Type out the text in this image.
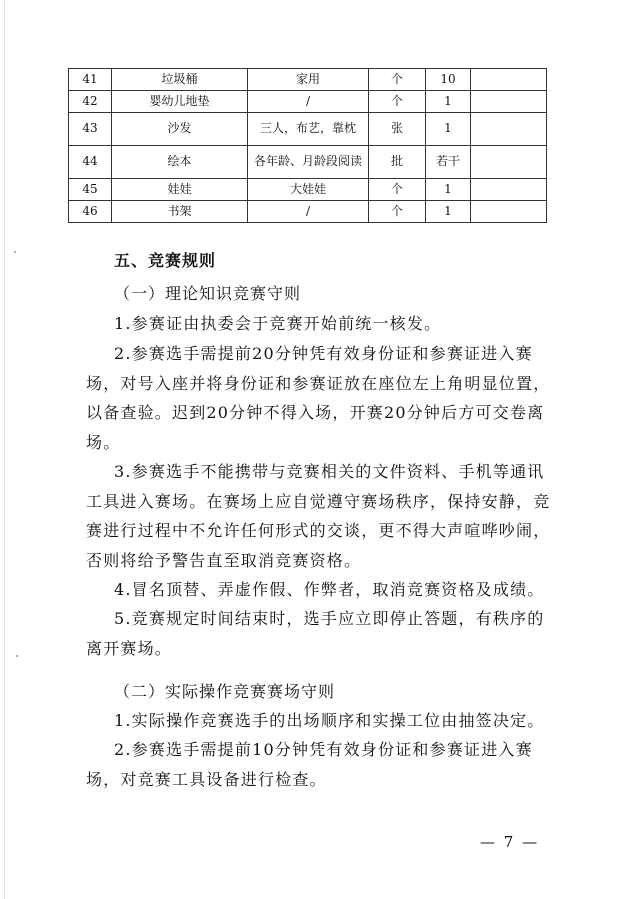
41	垃圾桶	家用	个	10	
42	婴幼儿地垫	/	个	1	
43	沙发	三人，布艺，靠枕	张	1	
44	绘本	各年龄、月龄段阅读	批	若干	
45	娃娃	大娃娃	个	1	
46	书架	/	个	1	
五、竞赛规则
（一）理论知识竞赛守则
1.参赛证由执委会于竞赛开始前统一核发。
2.参赛选手需提前20分钟凭有效身份证和参赛证进入赛场，对号入座并将身份证和参赛证放在座位左上角明显位置，以备查验。迟到20分钟不得入场，开赛20分钟后方可交卷离场。
3.参赛选手不能携带与竞赛相关的文件资料、手机等通讯工具进入赛场。在赛场上应自觉遵守赛场秩序，保持安静，竞赛进行过程中不允许任何形式的交谈，更不得大声喧哗吵闹，否则将给予警告直至取消竞赛资格。
4.冒名顶替、弄虚作假、作弊者，取消竞赛资格及成绩。
5.竞赛规定时间结束时，选手应立即停止答题，有秩序的离开赛场。
（二）实际操作竞赛赛场守则
1.实际操作竞赛选手的出场顺序和实操工位由抽签决定。
2.参赛选手需提前10分钟凭有效身份证和参赛证进入赛场，对竞赛工具设备进行检查。
— 7 —
